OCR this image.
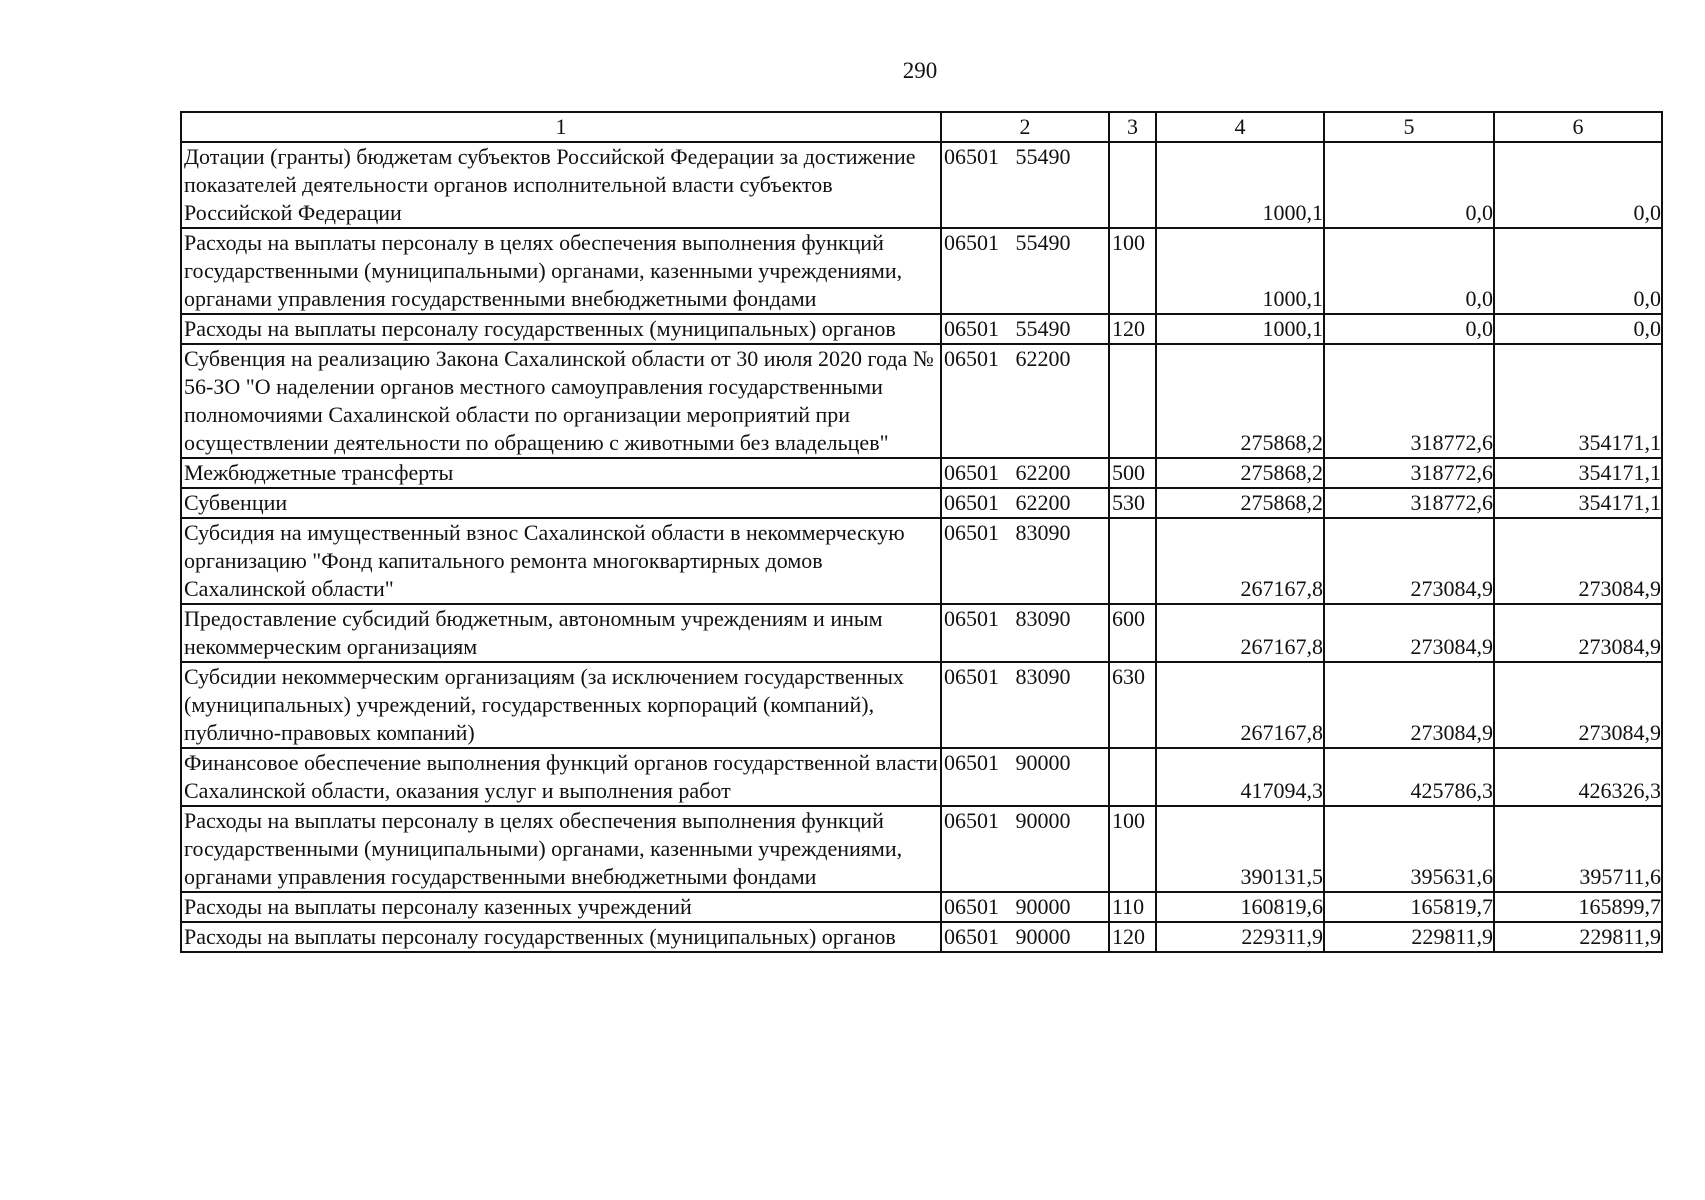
290
1	2	3	4	5	6
Дотации (гранты) бюджетам субъектов Российской Федерации за достижение показателей деятельности органов исполнительной власти субъектов Российской Федерации	06501   55490		1000,1	0,0	0,0
Расходы на выплаты персоналу в целях обеспечения выполнения функций государственными (муниципальными) органами, казенными учреждениями, органами управления государственными внебюджетными фондами	06501   55490	100	1000,1	0,0	0,0
Расходы на выплаты персоналу государственных (муниципальных) органов	06501   55490	120	1000,1	0,0	0,0
Субвенция на реализацию Закона Сахалинской области от 30 июля 2020 года № 56-ЗО "О наделении органов местного самоуправления государственными полномочиями Сахалинской области по организации мероприятий при осуществлении деятельности по обращению с животными без владельцев"	06501   62200		275868,2	318772,6	354171,1
Межбюджетные трансферты	06501   62200	500	275868,2	318772,6	354171,1
Субвенции	06501   62200	530	275868,2	318772,6	354171,1
Субсидия на имущественный взнос Сахалинской области в некоммерческую организацию "Фонд капитального ремонта многоквартирных домов Сахалинской области"	06501   83090		267167,8	273084,9	273084,9
Предоставление субсидий бюджетным, автономным учреждениям и иным некоммерческим организациям	06501   83090	600	267167,8	273084,9	273084,9
Субсидии некоммерческим организациям (за исключением государственных (муниципальных) учреждений, государственных корпораций (компаний), публично-правовых компаний)	06501   83090	630	267167,8	273084,9	273084,9
Финансовое обеспечение выполнения функций органов государственной власти Сахалинской области, оказания услуг и выполнения работ	06501   90000		417094,3	425786,3	426326,3
Расходы на выплаты персоналу в целях обеспечения выполнения функций государственными (муниципальными) органами, казенными учреждениями, органами управления государственными внебюджетными фондами	06501   90000	100	390131,5	395631,6	395711,6
Расходы на выплаты персоналу казенных учреждений	06501   90000	110	160819,6	165819,7	165899,7
Расходы на выплаты персоналу государственных (муниципальных) органов	06501   90000	120	229311,9	229811,9	229811,9
